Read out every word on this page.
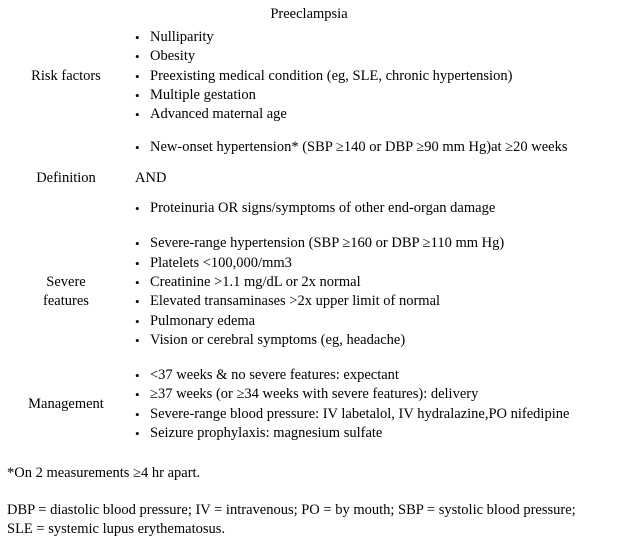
Preeclampsia
Risk factors
• Nulliparity
• Obesity
• Preexisting medical condition (eg, SLE, chronic hypertension)
• Multiple gestation
• Advanced maternal age
Definition
• New-onset hypertension* (SBP ≥140 or DBP ≥90 mm Hg)at ≥20 weeks
AND
• Proteinuria OR signs/symptoms of other end-organ damage
Severe
features
• Severe-range hypertension (SBP ≥160 or DBP ≥110 mm Hg)
• Platelets <100,000/mm3
• Creatinine >1.1 mg/dL or 2x normal
• Elevated transaminases >2x upper limit of normal
• Pulmonary edema
• Vision or cerebral symptoms (eg, headache)
Management
• <37 weeks & no severe features: expectant
• ≥37 weeks (or ≥34 weeks with severe features): delivery
• Severe-range blood pressure: IV labetalol, IV hydralazine,PO nifedipine
• Seizure prophylaxis: magnesium sulfate
*On 2 measurements ≥4 hr apart.
DBP = diastolic blood pressure; IV = intravenous; PO = by mouth; SBP = systolic blood pressure; SLE = systemic lupus erythematosus.
